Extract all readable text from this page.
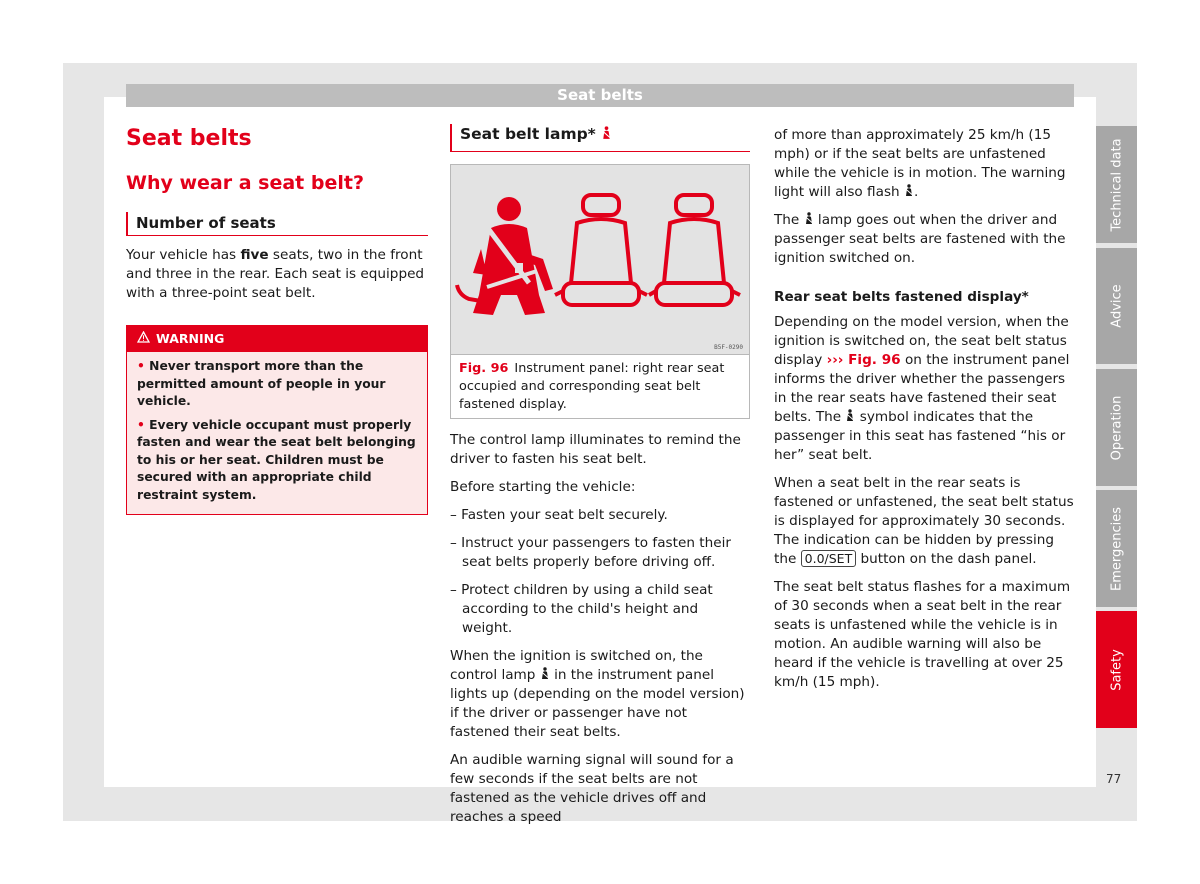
Seat belts
Seat belts
Why wear a seat belt?
Number of seats
Your vehicle has five seats, two in the front and three in the rear. Each seat is equipped with a three-point seat belt.
WARNING
• Never transport more than the permitted amount of people in your vehicle.
• Every vehicle occupant must properly fasten and wear the seat belt belonging to his or her seat. Children must be secured with an appropriate child restraint system.
Seat belt lamp*
B5F-0290
Fig. 96 Instrument panel: right rear seat occupied and corresponding seat belt fastened display.
The control lamp illuminates to remind the driver to fasten his seat belt.
Before starting the vehicle:
– Fasten your seat belt securely.
– Instruct your passengers to fasten their seat belts properly before driving off.
– Protect children by using a child seat according to the child's height and weight.
When the ignition is switched on, the control lamp  in the instrument panel lights up (depending on the model version) if the driver or passenger have not fastened their seat belts.
An audible warning signal will sound for a few seconds if the seat belts are not fastened as the vehicle drives off and reaches a speed
of more than approximately 25 km/h (15 mph) or if the seat belts are unfastened while the vehicle is in motion. The warning light will also flash .
The  lamp goes out when the driver and passenger seat belts are fastened with the ignition switched on.
Rear seat belts fastened display*
Depending on the model version, when the ignition is switched on, the seat belt status display ››› Fig. 96 on the instrument panel informs the driver whether the passengers in the rear seats have fastened their seat belts. The  symbol indicates that the passenger in this seat has fastened “his or her” seat belt.
When a seat belt in the rear seats is fastened or unfastened, the seat belt status is displayed for approximately 30 seconds. The indication can be hidden by pressing the 0.0/SET button on the dash panel.
The seat belt status flashes for a maximum of 30 seconds when a seat belt in the rear seats is unfastened while the vehicle is in motion. An audible warning will also be heard if the vehicle is travelling at over 25 km/h (15 mph).
Technical data
Advice
Operation
Emergencies
Safety
77
